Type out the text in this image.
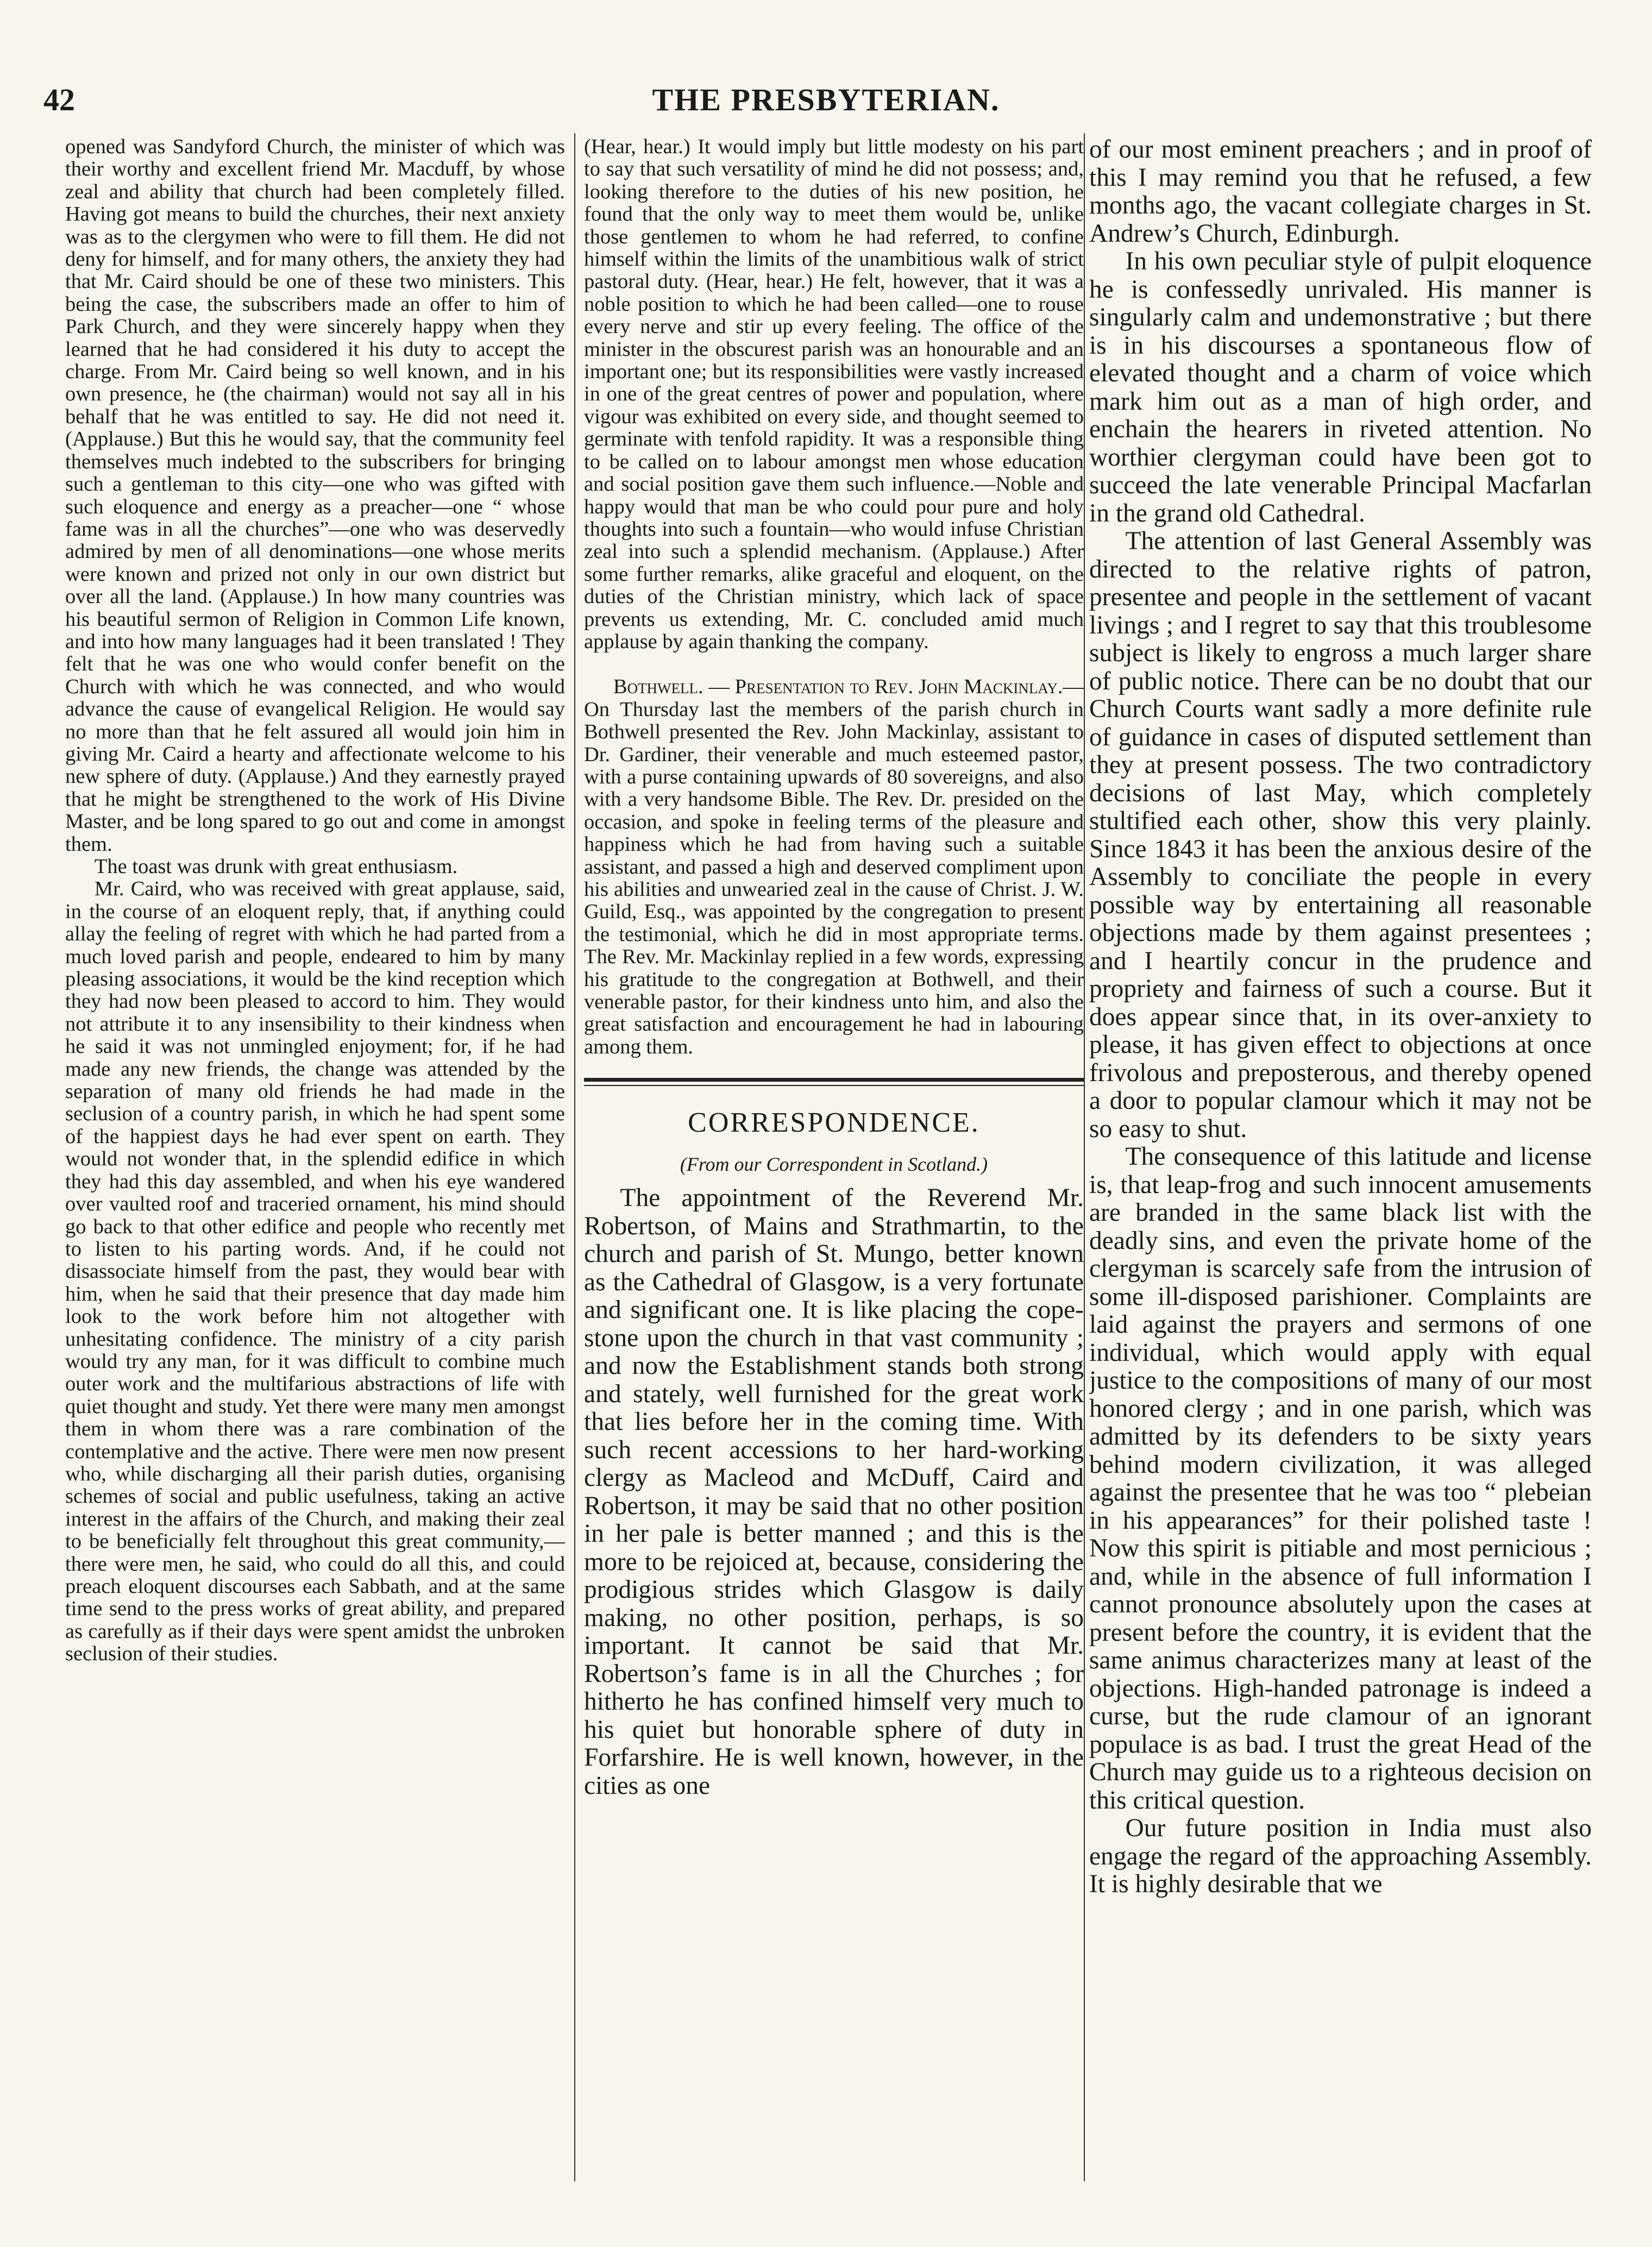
42	THE PRESBYTERIAN.

opened was Sandyford Church, the minister of which was their worthy and excellent friend Mr. Macduff, by whose zeal and ability that church had been completely filled. Having got means to build the churches, their next anxiety was as to the clergymen who were to fill them. He did not deny for himself, and for many others, the anxiety they had that Mr. Caird should be one of these two ministers. This being the case, the subscribers made an offer to him of Park Church, and they were sincerely happy when they learned that he had considered it his duty to accept the charge. From Mr. Caird being so well known, and in his own presence, he (the chairman) would not say all in his behalf that he was entitled to say. He did not need it. (Applause.) But this he would say, that the community feel themselves much indebted to the subscribers for bringing such a gentleman to this city—one who was gifted with such eloquence and energy as a preacher—one “ whose fame was in all the churches”—one who was deservedly admired by men of all denominations—one whose merits were known and prized not only in our own district but over all the land. (Applause.) In how many countries was his beautiful sermon of Religion in Common Life known, and into how many languages had it been translated ! They felt that he was one who would confer benefit on the Church with which he was connected, and who would advance the cause of evangelical Religion. He would say no more than that he felt assured all would join him in giving Mr. Caird a hearty and affectionate welcome to his new sphere of duty. (Applause.) And they earnestly prayed that he might be strengthened to the work of His Divine Master, and be long spared to go out and come in amongst them.

The toast was drunk with great enthusiasm.

Mr. Caird, who was received with great applause, said, in the course of an eloquent reply, that, if anything could allay the feeling of regret with which he had parted from a much loved parish and people, endeared to him by many pleasing associations, it would be the kind reception which they had now been pleased to accord to him. They would not attribute it to any insensibility to their kindness when he said it was not unmingled enjoyment; for, if he had made any new friends, the change was attended by the separation of many old friends he had made in the seclusion of a country parish, in which he had spent some of the happiest days he had ever spent on earth. They would not wonder that, in the splendid edifice in which they had this day assembled, and when his eye wandered over vaulted roof and traceried ornament, his mind should go back to that other edifice and people who recently met to listen to his parting words. And, if he could not disassociate himself from the past, they would bear with him, when he said that their presence that day made him look to the work before him not altogether with unhesitating confidence. The ministry of a city parish would try any man, for it was difficult to combine much outer work and the multifarious abstractions of life with quiet thought and study. Yet there were many men amongst them in whom there was a rare combination of the contemplative and the active. There were men now present who, while discharging all their parish duties, organising schemes of social and public usefulness, taking an active interest in the affairs of the Church, and making their zeal to be beneficially felt throughout this great community,—there were men, he said, who could do all this, and could preach eloquent discourses each Sabbath, and at the same time send to the press works of great ability, and prepared as carefully as if their days were spent amidst the unbroken seclusion of their studies.

(Hear, hear.) It would imply but little modesty on his part to say that such versatility of mind he did not possess; and, looking therefore to the duties of his new position, he found that the only way to meet them would be, unlike those gentlemen to whom he had referred, to confine himself within the limits of the unambitious walk of strict pastoral duty. (Hear, hear.) He felt, however, that it was a noble position to which he had been called—one to rouse every nerve and stir up every feeling. The office of the minister in the obscurest parish was an honourable and an important one; but its responsibilities were vastly increased in one of the great centres of power and population, where vigour was exhibited on every side, and thought seemed to germinate with tenfold rapidity. It was a responsible thing to be called on to labour amongst men whose education and social position gave them such influence.—Noble and happy would that man be who could pour pure and holy thoughts into such a fountain—who would infuse Christian zeal into such a splendid mechanism. (Applause.) After some further remarks, alike graceful and eloquent, on the duties of the Christian ministry, which lack of space prevents us extending, Mr. C. concluded amid much applause by again thanking the company.

Bothwell. — Presentation to Rev. John Mackinlay.—On Thursday last the members of the parish church in Bothwell presented the Rev. John Mackinlay, assistant to Dr. Gardiner, their venerable and much esteemed pastor, with a purse containing upwards of 80 sovereigns, and also with a very handsome Bible. The Rev. Dr. presided on the occasion, and spoke in feeling terms of the pleasure and happiness which he had from having such a suitable assistant, and passed a high and deserved compliment upon his abilities and unwearied zeal in the cause of Christ. J. W. Guild, Esq., was appointed by the congregation to present the testimonial, which he did in most appropriate terms. The Rev. Mr. Mackinlay replied in a few words, expressing his gratitude to the congregation at Bothwell, and their venerable pastor, for their kindness unto him, and also the great satisfaction and encouragement he had in labouring among them.

CORRESPONDENCE.
(From our Correspondent in Scotland.)

The appointment of the Reverend Mr. Robertson, of Mains and Strathmartin, to the church and parish of St. Mungo, better known as the Cathedral of Glasgow, is a very fortunate and significant one. It is like placing the cope-stone upon the church in that vast community ; and now the Establishment stands both strong and stately, well furnished for the great work that lies before her in the coming time. With such recent accessions to her hard-working clergy as Macleod and McDuff, Caird and Robertson, it may be said that no other position in her pale is better manned ; and this is the more to be rejoiced at, because, considering the prodigious strides which Glasgow is daily making, no other position, perhaps, is so important. It cannot be said that Mr. Robertson’s fame is in all the Churches ; for hitherto he has confined himself very much to his quiet but honorable sphere of duty in Forfarshire. He is well known, however, in the cities as one

of our most eminent preachers ; and in proof of this I may remind you that he refused, a few months ago, the vacant collegiate charges in St. Andrew’s Church, Edinburgh.

In his own peculiar style of pulpit eloquence he is confessedly unrivaled. His manner is singularly calm and undemonstrative ; but there is in his discourses a spontaneous flow of elevated thought and a charm of voice which mark him out as a man of high order, and enchain the hearers in riveted attention. No worthier clergyman could have been got to succeed the late venerable Principal Macfarlan in the grand old Cathedral.

The attention of last General Assembly was directed to the relative rights of patron, presentee and people in the settlement of vacant livings ; and I regret to say that this troublesome subject is likely to engross a much larger share of public notice. There can be no doubt that our Church Courts want sadly a more definite rule of guidance in cases of disputed settlement than they at present possess. The two contradictory decisions of last May, which completely stultified each other, show this very plainly. Since 1843 it has been the anxious desire of the Assembly to conciliate the people in every possible way by entertaining all reasonable objections made by them against presentees ; and I heartily concur in the prudence and propriety and fairness of such a course. But it does appear since that, in its over-anxiety to please, it has given effect to objections at once frivolous and preposterous, and thereby opened a door to popular clamour which it may not be so easy to shut.

The consequence of this latitude and license is, that leap-frog and such innocent amusements are branded in the same black list with the deadly sins, and even the private home of the clergyman is scarcely safe from the intrusion of some ill-disposed parishioner. Complaints are laid against the prayers and sermons of one individual, which would apply with equal justice to the compositions of many of our most honored clergy ; and in one parish, which was admitted by its defenders to be sixty years behind modern civilization, it was alleged against the presentee that he was too “ plebeian in his appearances” for their polished taste ! Now this spirit is pitiable and most pernicious ; and, while in the absence of full information I cannot pronounce absolutely upon the cases at present before the country, it is evident that the same animus characterizes many at least of the objections. High-handed patronage is indeed a curse, but the rude clamour of an ignorant populace is as bad. I trust the great Head of the Church may guide us to a righteous decision on this critical question.

Our future position in India must also engage the regard of the approaching Assembly. It is highly desirable that we
